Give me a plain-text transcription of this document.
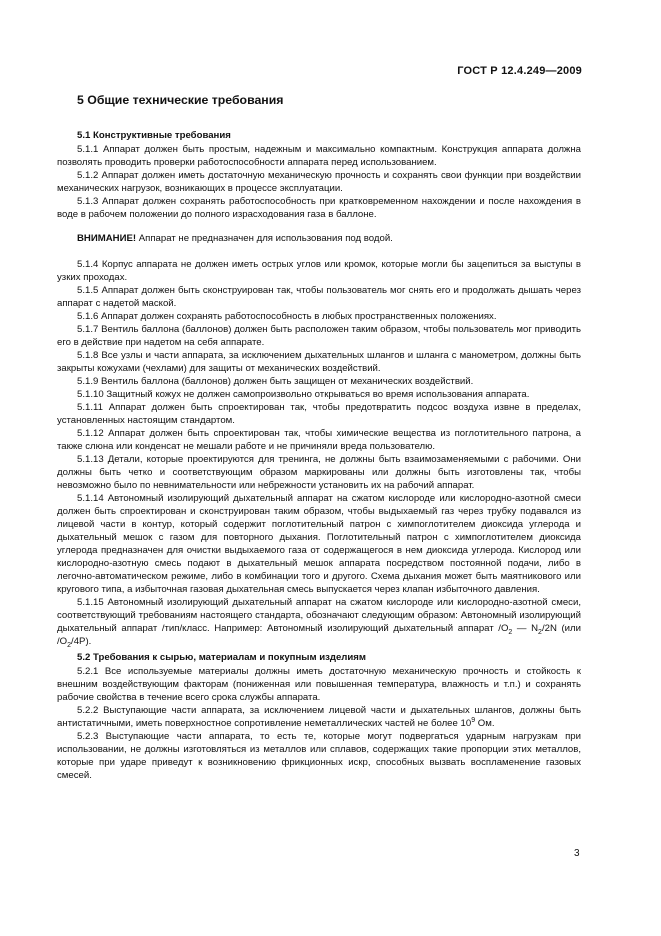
ГОСТ Р 12.4.249—2009
5 Общие технические требования
5.1 Конструктивные требования

5.1.1 Аппарат должен быть простым, надежным и максимально компактным. Конструкция аппарата должна позволять проводить проверки работоспособности аппарата перед использованием.

5.1.2 Аппарат должен иметь достаточную механическую прочность и сохранять свои функции при воздействии механических нагрузок, возникающих в процессе эксплуатации.

5.1.3 Аппарат должен сохранять работоспособность при кратковременном нахождении и после нахождения в воде в рабочем положении до полного израсходования газа в баллоне.

ВНИМАНИЕ! Аппарат не предназначен для использования под водой.

5.1.4 Корпус аппарата не должен иметь острых углов или кромок, которые могли бы зацепиться за выступы в узких проходах.

5.1.5 Аппарат должен быть сконструирован так, чтобы пользователь мог снять его и продолжать дышать через аппарат с надетой маской.

5.1.6 Аппарат должен сохранять работоспособность в любых пространственных положениях.

5.1.7 Вентиль баллона (баллонов) должен быть расположен таким образом, чтобы пользователь мог приводить его в действие при надетом на себя аппарате.

5.1.8 Все узлы и части аппарата, за исключением дыхательных шлангов и шланга с манометром, должны быть закрыты кожухами (чехлами) для защиты от механических воздействий.

5.1.9 Вентиль баллона (баллонов) должен быть защищен от механических воздействий.

5.1.10 Защитный кожух не должен самопроизвольно открываться во время использования аппарата.

5.1.11 Аппарат должен быть спроектирован так, чтобы предотвратить подсос воздуха извне в пределах, установленных настоящим стандартом.

5.1.12 Аппарат должен быть спроектирован так, чтобы химические вещества из поглотительного патрона, а также слюна или конденсат не мешали работе и не причиняли вреда пользователю.

5.1.13 Детали, которые проектируются для тренинга, не должны быть взаимозаменяемыми с рабочими. Они должны быть четко и соответствующим образом маркированы или должны быть изготовлены так, чтобы невозможно было по невнимательности или небрежности установить их на рабочий аппарат.

5.1.14 Автономный изолирующий дыхательный аппарат на сжатом кислороде или кислородно-азотной смеси должен быть спроектирован и сконструирован таким образом, чтобы выдыхаемый газ через трубку подавался из лицевой части в контур, который содержит поглотительный патрон с химпоглотителем диоксида углерода и дыхательный мешок с газом для повторного дыхания. Поглотительный патрон с химпоглотителем диоксида углерода предназначен для очистки выдыхаемого газа от содержащегося в нем диоксида углерода. Кислород или кислородно-азотную смесь подают в дыхательный мешок аппарата посредством постоянной подачи, либо в легочно-автоматическом режиме, либо в комбинации того и другого. Схема дыхания может быть маятникового или кругового типа, а избыточная газовая дыхательная смесь выпускается через клапан избыточного давления.

5.1.15 Автономный изолирующий дыхательный аппарат на сжатом кислороде или кислородно-азотной смеси, соответствующий требованиям настоящего стандарта, обозначают следующим образом: Автономный изолирующий дыхательный аппарат /тип/класс. Например: Автономный изолирующий дыхательный аппарат $/O_2$ — $N_2/2N$ (или $/O_2/4P$).

5.2 Требования к сырью, материалам и покупным изделиям

5.2.1 Все используемые материалы должны иметь достаточную механическую прочность и стойкость к внешним воздействующим факторам (пониженная или повышенная температура, влажность и т.п.) и сохранять рабочие свойства в течение всего срока службы аппарата.

5.2.2 Выступающие части аппарата, за исключением лицевой части и дыхательных шлангов, должны быть антистатичными, иметь поверхностное сопротивление неметаллических частей не более $10^9$ Ом.

5.2.3 Выступающие части аппарата, то есть те, которые могут подвергаться ударным нагрузкам при использовании, не должны изготовляться из металлов или сплавов, содержащих такие пропорции этих металлов, которые при ударе приведут к возникновению фрикционных искр, способных вызвать воспламенение газовых смесей.

3
